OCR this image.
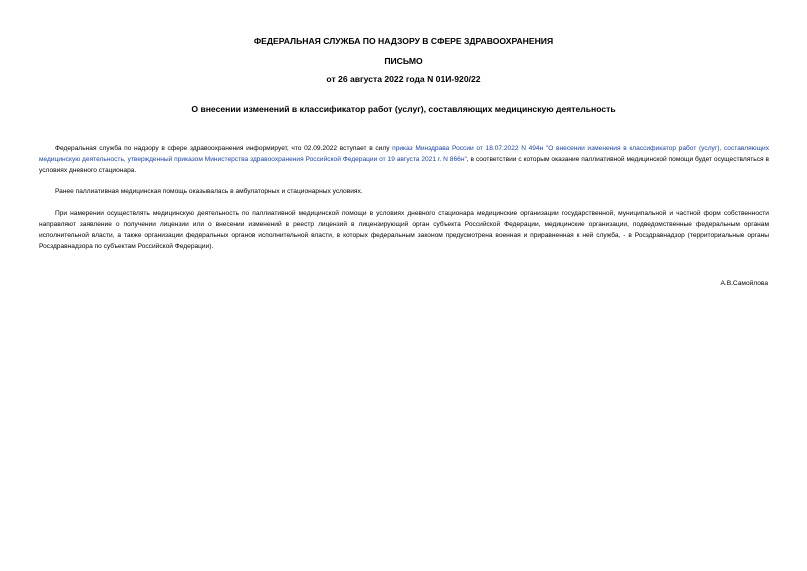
ФЕДЕРАЛЬНАЯ СЛУЖБА ПО НАДЗОРУ В СФЕРЕ ЗДРАВООХРАНЕНИЯ
ПИСЬМО
от 26 августа 2022 года N 01И-920/22
О внесении изменений в классификатор работ (услуг), составляющих медицинскую деятельность

Федеральная служба по надзору в сфере здравоохранения информирует, что 02.09.2022 вступает в силу приказ Минздрава России от 18.07.2022 N 494н "О внесении изменения в классификатор работ (услуг), составляющих медицинскую деятельность, утвержденный приказом Министерства здравоохранения Российской Федерации от 19 августа 2021 г. N 866н", в соответствии с которым оказание паллиативной медицинской помощи будет осуществляться в условиях дневного стационара.

Ранее паллиативная медицинская помощь оказывалась в амбулаторных и стационарных условиях.

При намерении осуществлять медицинскую деятельность по паллиативной медицинской помощи в условиях дневного стационара медицинские организации государственной, муниципальной и частной форм собственности направляют заявление о получении лицензии или о внесении изменений в реестр лицензий в лицензирующий орган субъекта Российской Федерации, медицинские организации, подведомственные федеральным органам исполнительной власти, а также организации федеральных органов исполнительной власти, в которых федеральным законом предусмотрена военная и приравненная к ней служба, - в Росздравнадзор (территориальные органы Росздравнадзора по субъектам Российской Федерации).

А.В.Самойлова
